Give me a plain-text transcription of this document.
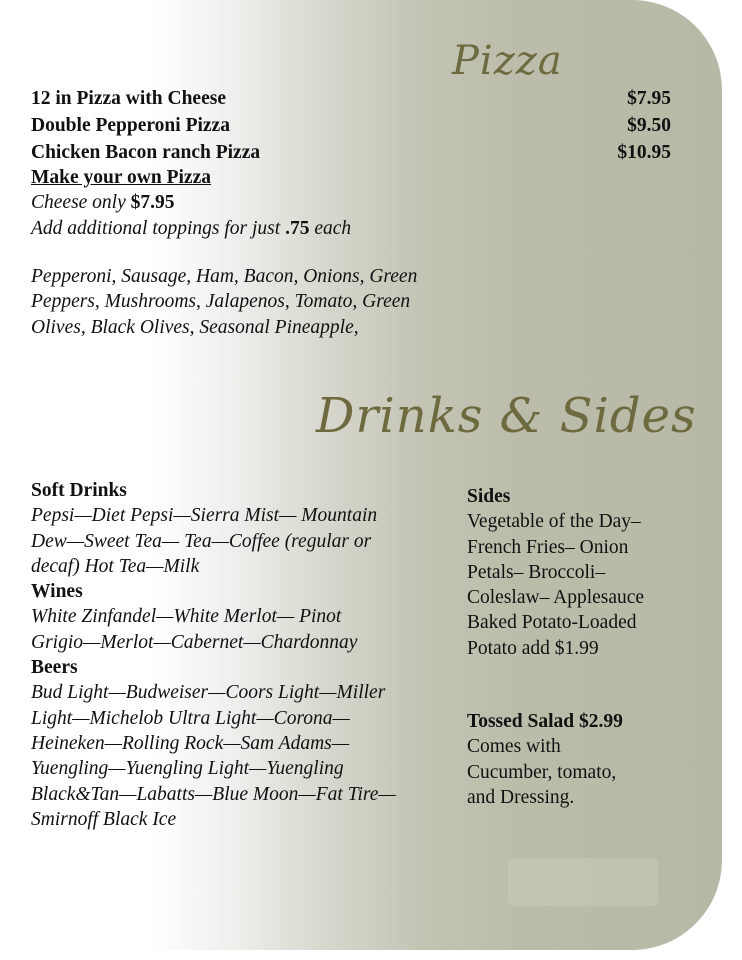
Pizza
12 in Pizza with Cheese	$7.95
Double Pepperoni Pizza	$9.50
Chicken Bacon ranch Pizza	$10.95
Make your own Pizza
Cheese only $7.95
Add additional toppings for just .75 each
Pepperoni, Sausage, Ham, Bacon, Onions, Green
Peppers, Mushrooms, Jalapenos, Tomato, Green
Olives, Black Olives, Seasonal Pineapple,
Drinks & Sides
Soft Drinks
Pepsi—Diet Pepsi—Sierra Mist— Mountain
Dew—Sweet Tea— Tea—Coffee (regular or
decaf) Hot Tea—Milk
Wines
White Zinfandel—White Merlot— Pinot
Grigio—Merlot—Cabernet—Chardonnay
Beers
Bud Light—Budweiser—Coors Light—Miller
Light—Michelob Ultra Light—Corona—
Heineken—Rolling Rock—Sam Adams—
Yuengling—Yuengling Light—Yuengling
Black&Tan—Labatts—Blue Moon—Fat Tire—
Smirnoff Black Ice
Sides
Vegetable of the Day–
French Fries– Onion
Petals– Broccoli–
Coleslaw– Applesauce
Baked Potato-Loaded
Potato add $1.99
Tossed Salad $2.99
Comes with
Cucumber, tomato,
and Dressing.
